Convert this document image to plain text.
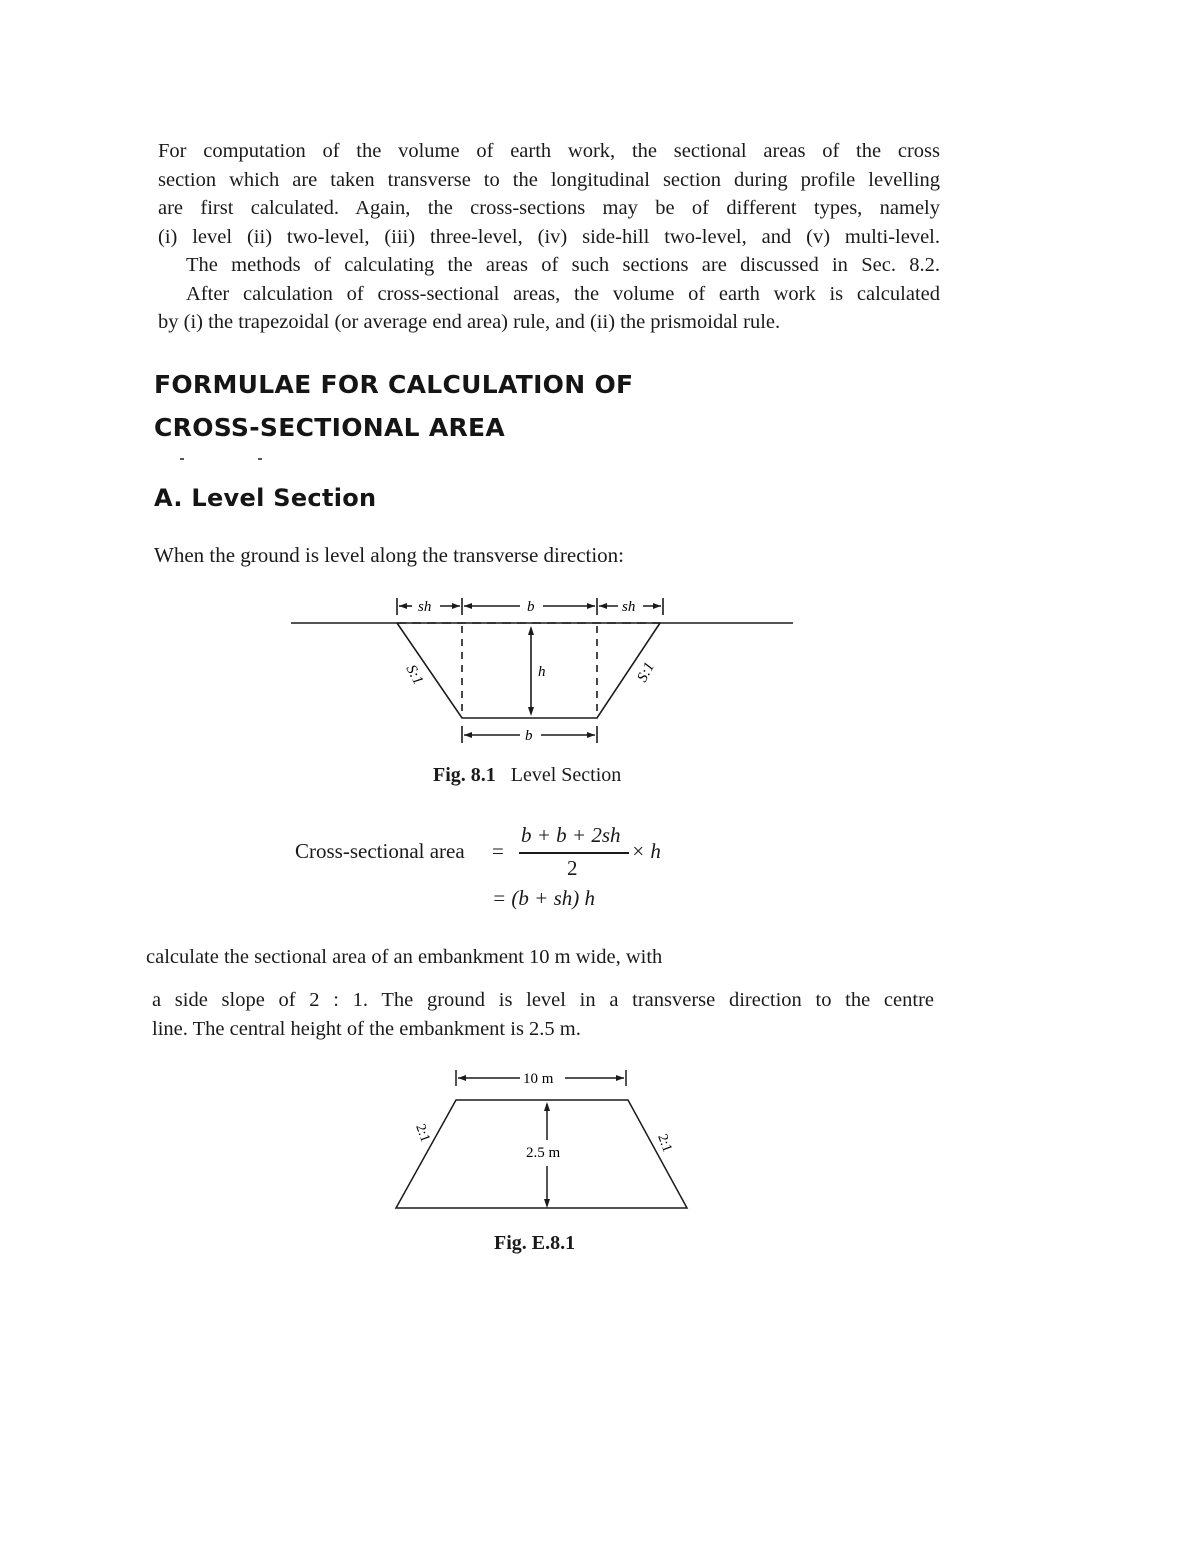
For computation of the volume of earth work, the sectional areas of the cross
section which are taken transverse to the longitudinal section during profile levelling
are first calculated. Again, the cross-sections may be of different types, namely
(i) level (ii) two-level, (iii) three-level, (iv) side-hill two-level, and (v) multi-level.
The methods of calculating the areas of such sections are discussed in Sec. 8.2.
After calculation of cross-sectional areas, the volume of earth work is calculated
by (i) the trapezoidal (or average end area) rule, and (ii) the prismoidal rule.
FORMULAE FOR CALCULATION OF
CROSS-SECTIONAL AREA
A. Level Section
When the ground is level along the transverse direction:
sh	b	sh
h
S:1	S:1
b
Fig. 8.1 Level Section
Cross-sectional area =
b + b + 2sh
2
× h
= (b + sh) h
calculate the sectional area of an embankment 10 m wide, with
a side slope of 2 : 1. The ground is level in a transverse direction to the centre
line. The central height of the embankment is 2.5 m.
10 m
2.5 m
2:1	2:1
Fig. E.8.1
